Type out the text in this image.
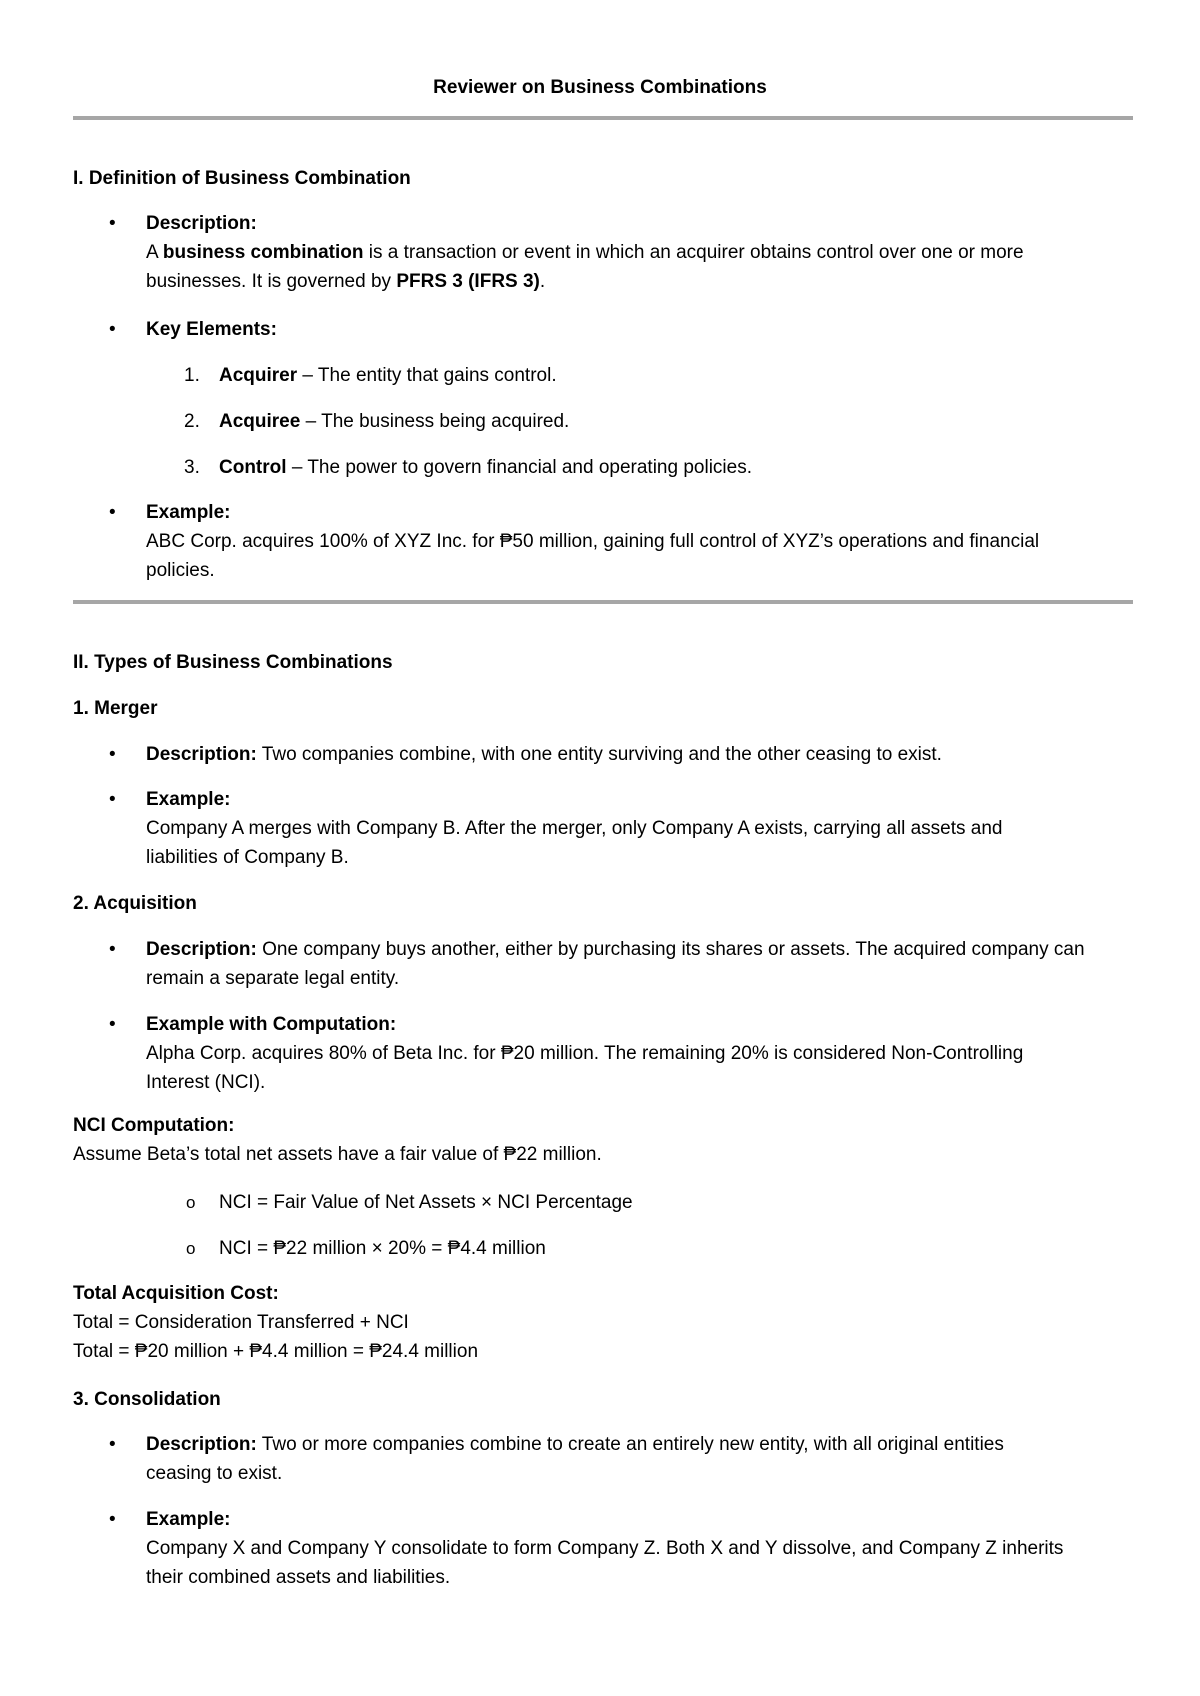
Reviewer on Business Combinations
I. Definition of Business Combination
• Description:
A business combination is a transaction or event in which an acquirer obtains control over one or more
businesses. It is governed by PFRS 3 (IFRS 3).
• Key Elements:
1. Acquirer – The entity that gains control.
2. Acquiree – The business being acquired.
3. Control – The power to govern financial and operating policies.
• Example:
ABC Corp. acquires 100% of XYZ Inc. for ₱50 million, gaining full control of XYZ’s operations and financial
policies.
II. Types of Business Combinations
1. Merger
• Description: Two companies combine, with one entity surviving and the other ceasing to exist.
• Example:
Company A merges with Company B. After the merger, only Company A exists, carrying all assets and
liabilities of Company B.
2. Acquisition
• Description: One company buys another, either by purchasing its shares or assets. The acquired company can
remain a separate legal entity.
• Example with Computation:
Alpha Corp. acquires 80% of Beta Inc. for ₱20 million. The remaining 20% is considered Non-Controlling
Interest (NCI).
NCI Computation:
Assume Beta’s total net assets have a fair value of ₱22 million.
o NCI = Fair Value of Net Assets × NCI Percentage
o NCI = ₱22 million × 20% = ₱4.4 million
Total Acquisition Cost:
Total = Consideration Transferred + NCI
Total = ₱20 million + ₱4.4 million = ₱24.4 million
3. Consolidation
• Description: Two or more companies combine to create an entirely new entity, with all original entities
ceasing to exist.
• Example:
Company X and Company Y consolidate to form Company Z. Both X and Y dissolve, and Company Z inherits
their combined assets and liabilities.
